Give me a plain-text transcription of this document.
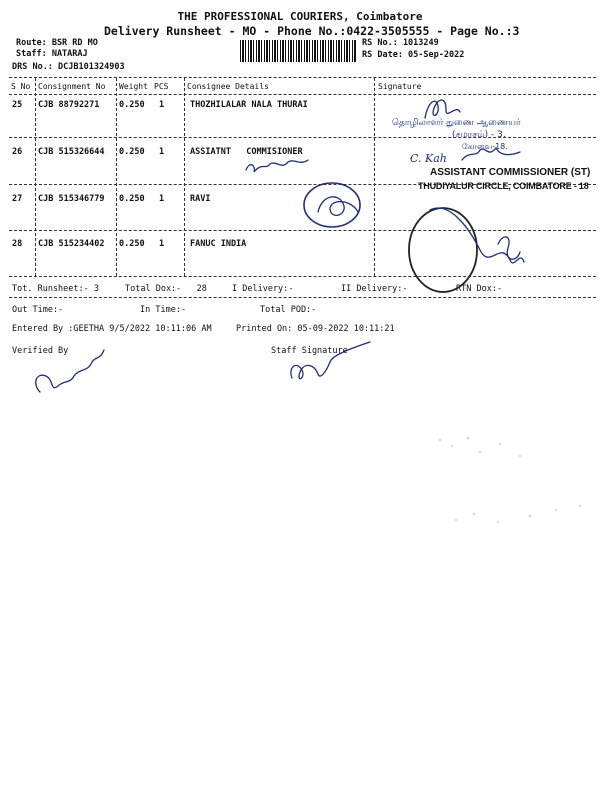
THE PROFESSIONAL COURIERS, Coimbatore
Delivery Runsheet - MO - Phone No.:0422-3505555 - Page No.:3
Route: BSR RD MO
Staff: NATARAJ
DRS No.: DCJB101324903
RS No.: 1013249
RS Date: 05-Sep-2022
S No Consignment No Weight PCS Consignee Details	Signature
25 CJB 88792271 0.250 1	THOZHILALAR NALA THURAI
26 CJB 515326644 0.250 1	ASSIATNT   COMMISIONER
27 CJB 515346779 0.250 1	RAVI
28 CJB 515234402 0.250 1	FANUC INDIA
Tot. Runsheet:- 3	Total Dox:-   28	I Delivery:-	II Delivery:-	RTN Dox:-
Out Time:-	In Time:-	Total POD:-
Entered By :GEETHA 9/5/2022 10:11:06 AM	Printed On: 05-09-2022 10:11:21
Verified By	Staff Signature
தொழிலாளர் துணை ஆணையர்
(சமரசம்) - 3,
கோவை-18.
C. Kah
ASSISTANT COMMISSIONER (ST)
THUDIYALUR CIRCLE, COIMBATORE - 18
